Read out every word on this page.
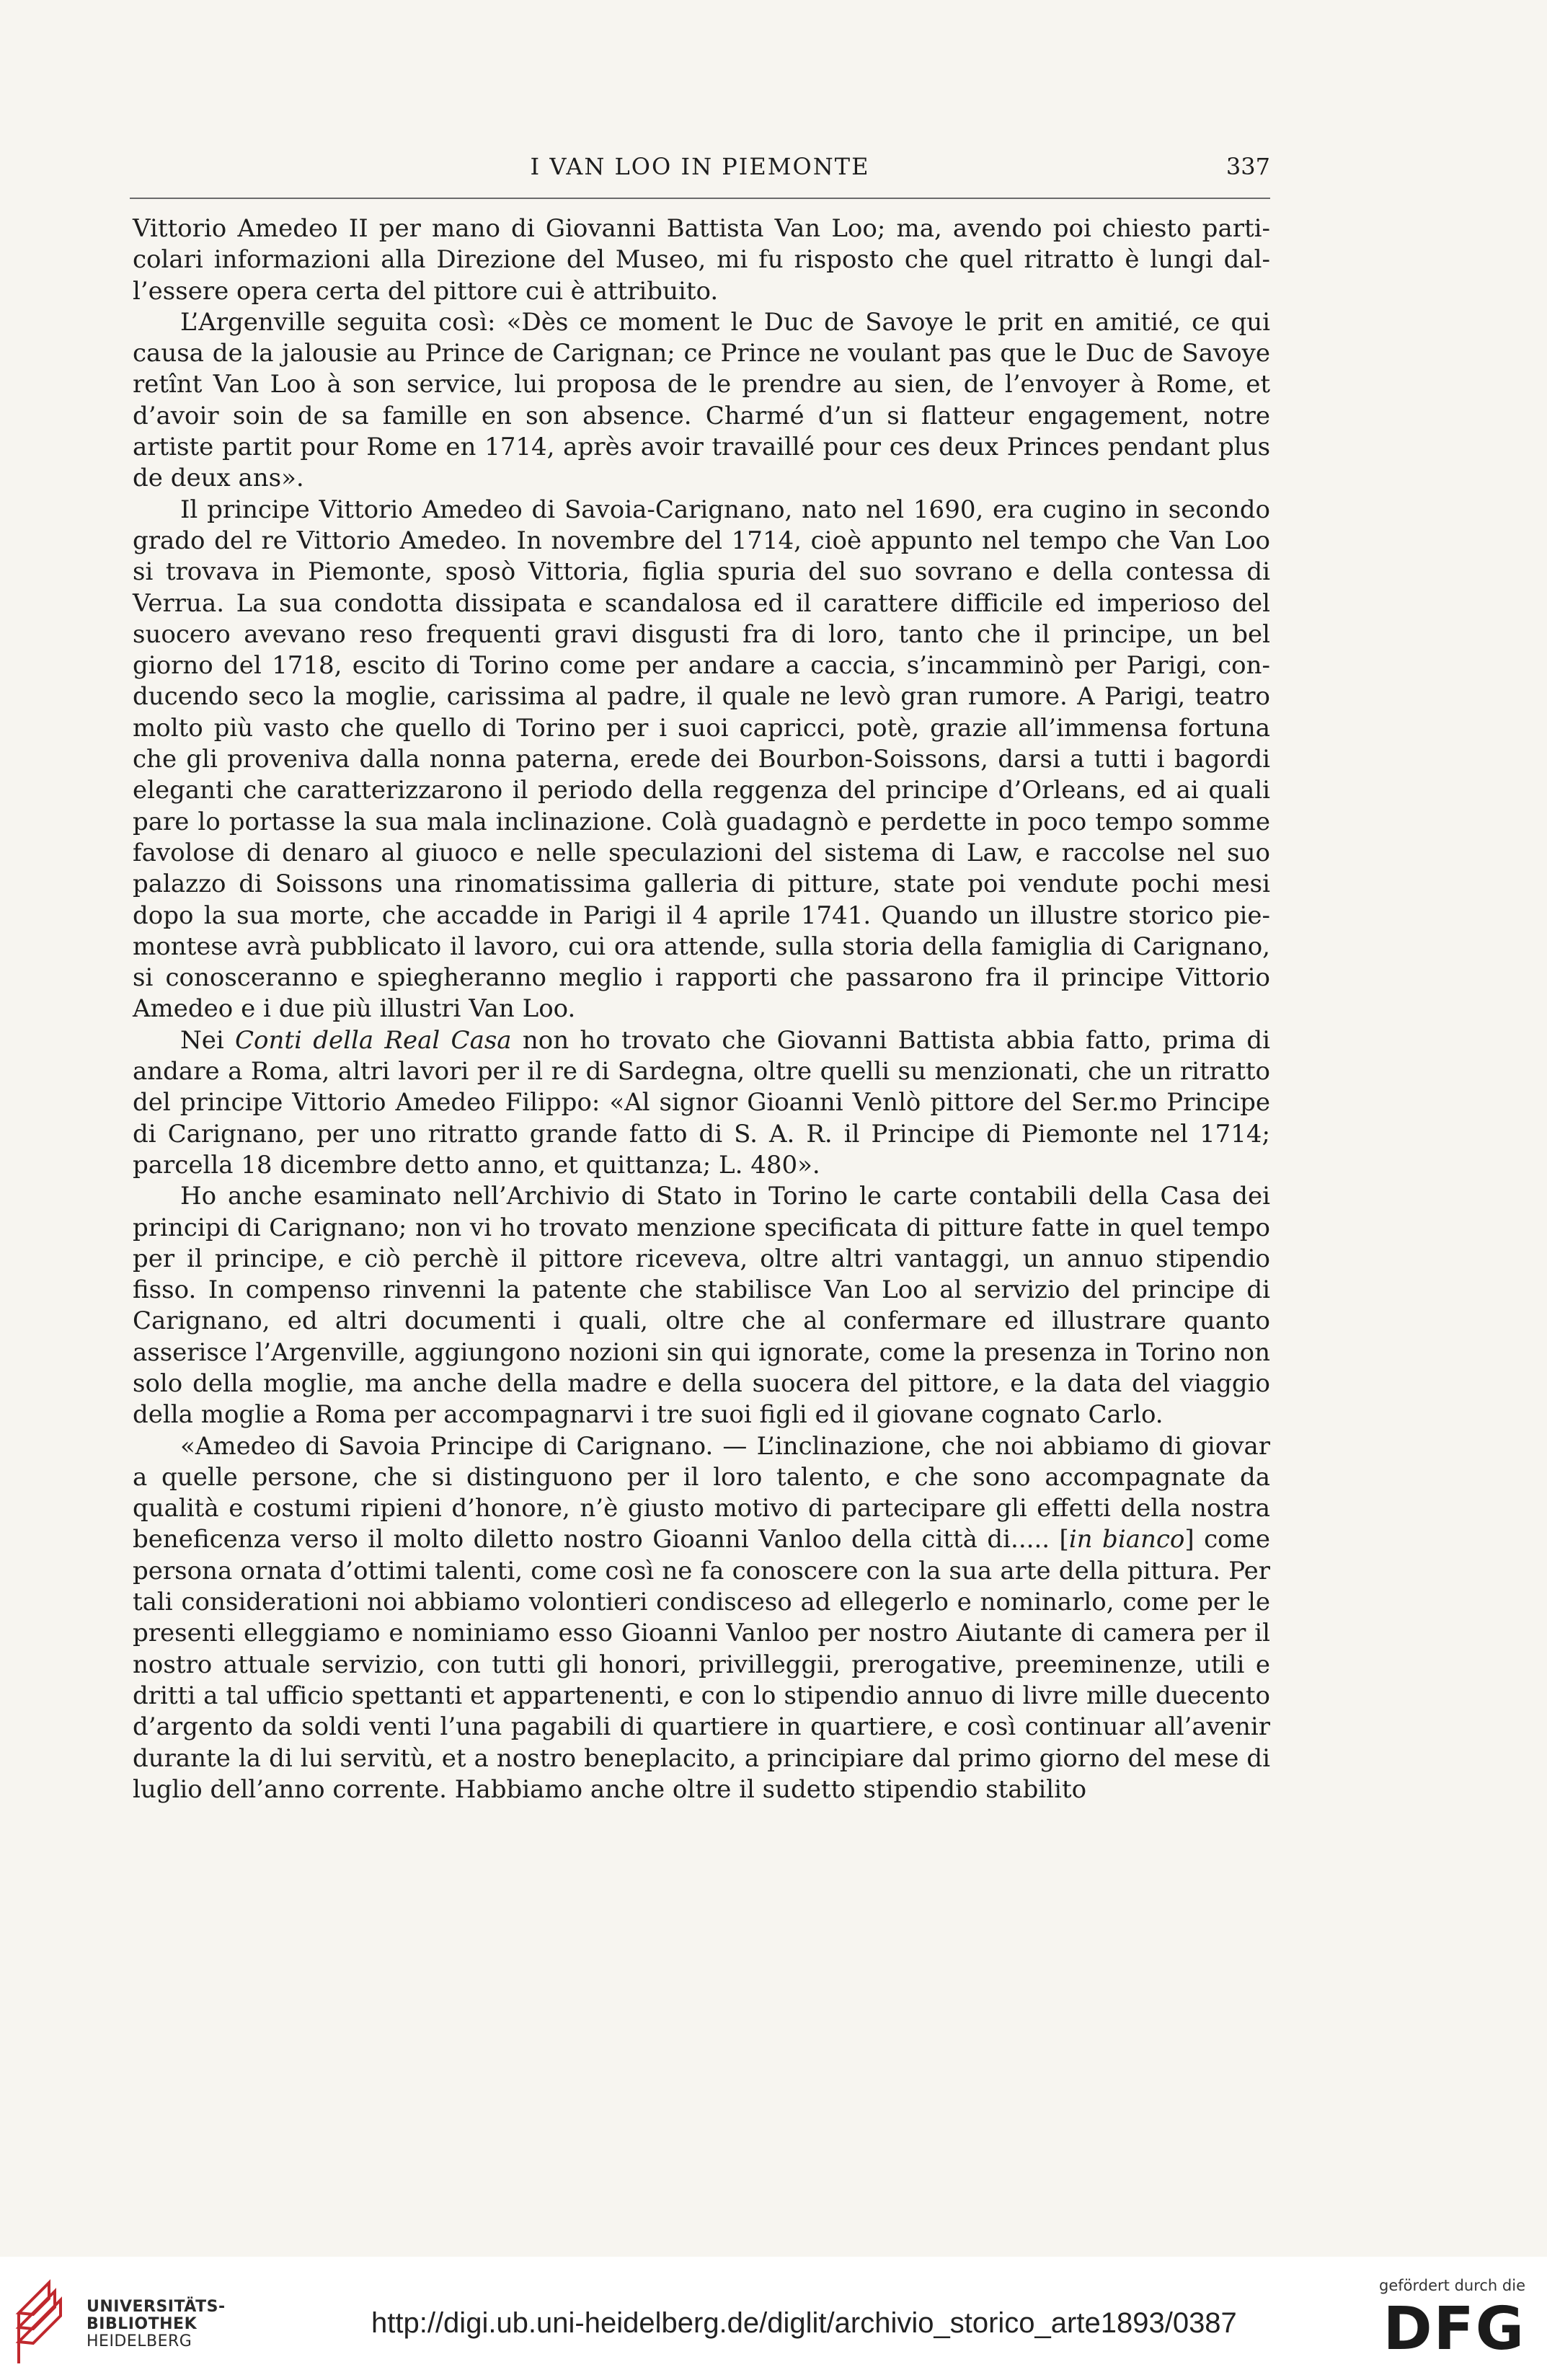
I VAN LOO IN PIEMONTE	337

Vittorio Amedeo II per mano di Giovanni Battista Van Loo; ma, avendo poi chiesto parti-colari informazioni alla Direzione del Museo, mi fu risposto che quel ritratto è lungi dal-l’essere opera certa del pittore cui è attribuito.

L’Argenville seguita così: «Dès ce moment le Duc de Savoye le prit en amitié, ce qui causa de la jalousie au Prince de Carignan; ce Prince ne voulant pas que le Duc de Savoye retînt Van Loo à son service, lui proposa de le prendre au sien, de l’envoyer à Rome, et d’avoir soin de sa famille en son absence. Charmé d’un si flatteur engagement, notre artiste partit pour Rome en 1714, après avoir travaillé pour ces deux Princes pendant plus de deux ans».

Il principe Vittorio Amedeo di Savoia-Carignano, nato nel 1690, era cugino in secondo grado del re Vittorio Amedeo. In novembre del 1714, cioè appunto nel tempo che Van Loo si trovava in Piemonte, sposò Vittoria, figlia spuria del suo sovrano e della contessa di Verrua. La sua condotta dissipata e scandalosa ed il carattere difficile ed imperioso del suocero avevano reso frequenti gravi disgusti fra di loro, tanto che il principe, un bel giorno del 1718, escito di Torino come per andare a caccia, s’incamminò per Parigi, con-ducendo seco la moglie, carissima al padre, il quale ne levò gran rumore. A Parigi, teatro molto più vasto che quello di Torino per i suoi capricci, potè, grazie all’immensa fortuna che gli proveniva dalla nonna paterna, erede dei Bourbon-Soissons, darsi a tutti i bagordi eleganti che caratterizzarono il periodo della reggenza del principe d’Orleans, ed ai quali pare lo portasse la sua mala inclinazione. Colà guadagnò e perdette in poco tempo somme favolose di denaro al giuoco e nelle speculazioni del sistema di Law, e raccolse nel suo palazzo di Soissons una rinomatissima galleria di pitture, state poi vendute pochi mesi dopo la sua morte, che accadde in Parigi il 4 aprile 1741. Quando un illustre storico pie-montese avrà pubblicato il lavoro, cui ora attende, sulla storia della famiglia di Carignano, si conosceranno e spiegheranno meglio i rapporti che passarono fra il principe Vittorio Amedeo e i due più illustri Van Loo.

Nei Conti della Real Casa non ho trovato che Giovanni Battista abbia fatto, prima di andare a Roma, altri lavori per il re di Sardegna, oltre quelli su menzionati, che un ritratto del principe Vittorio Amedeo Filippo: «Al signor Gioanni Venlò pittore del Ser.mo Principe di Carignano, per uno ritratto grande fatto di S. A. R. il Principe di Piemonte nel 1714; parcella 18 dicembre detto anno, et quittanza; L. 480».

Ho anche esaminato nell’Archivio di Stato in Torino le carte contabili della Casa dei principi di Carignano; non vi ho trovato menzione specificata di pitture fatte in quel tempo per il principe, e ciò perchè il pittore riceveva, oltre altri vantaggi, un annuo stipendio fisso. In compenso rinvenni la patente che stabilisce Van Loo al servizio del principe di Carignano, ed altri documenti i quali, oltre che al confermare ed illustrare quanto asserisce l’Argenville, aggiungono nozioni sin qui ignorate, come la presenza in Torino non solo della moglie, ma anche della madre e della suocera del pittore, e la data del viaggio della moglie a Roma per accompagnarvi i tre suoi figli ed il giovane cognato Carlo.

«Amedeo di Savoia Principe di Carignano. — L’inclinazione, che noi abbiamo di giovar a quelle persone, che si distinguono per il loro talento, e che sono accompagnate da qualità e costumi ripieni d’honore, n’è giusto motivo di partecipare gli effetti della nostra beneficenza verso il molto diletto nostro Gioanni Vanloo della città di..... [in bianco] come persona ornata d’ottimi talenti, come così ne fa conoscere con la sua arte della pittura. Per tali considerationi noi abbiamo volontieri condisceso ad ellegerlo e nominarlo, come per le presenti elleggiamo e nominiamo esso Gioanni Vanloo per nostro Aiutante di camera per il nostro attuale servizio, con tutti gli honori, privilleggii, prerogative, preeminenze, utili e dritti a tal ufficio spettanti et appartenenti, e con lo stipendio annuo di livre mille duecento d’argento da soldi venti l’una pagabili di quartiere in quartiere, e così continuar all’avenir durante la di lui servitù, et a nostro beneplacito, a principiare dal primo giorno del mese di luglio dell’anno corrente. Habbiamo anche oltre il sudetto stipendio stabilito

UNIVERSITÄTS-
BIBLIOTHEK
HEIDELBERG
http://digi.ub.uni-heidelberg.de/diglit/archivio_storico_arte1893/0387
gefördert durch die
DFG
